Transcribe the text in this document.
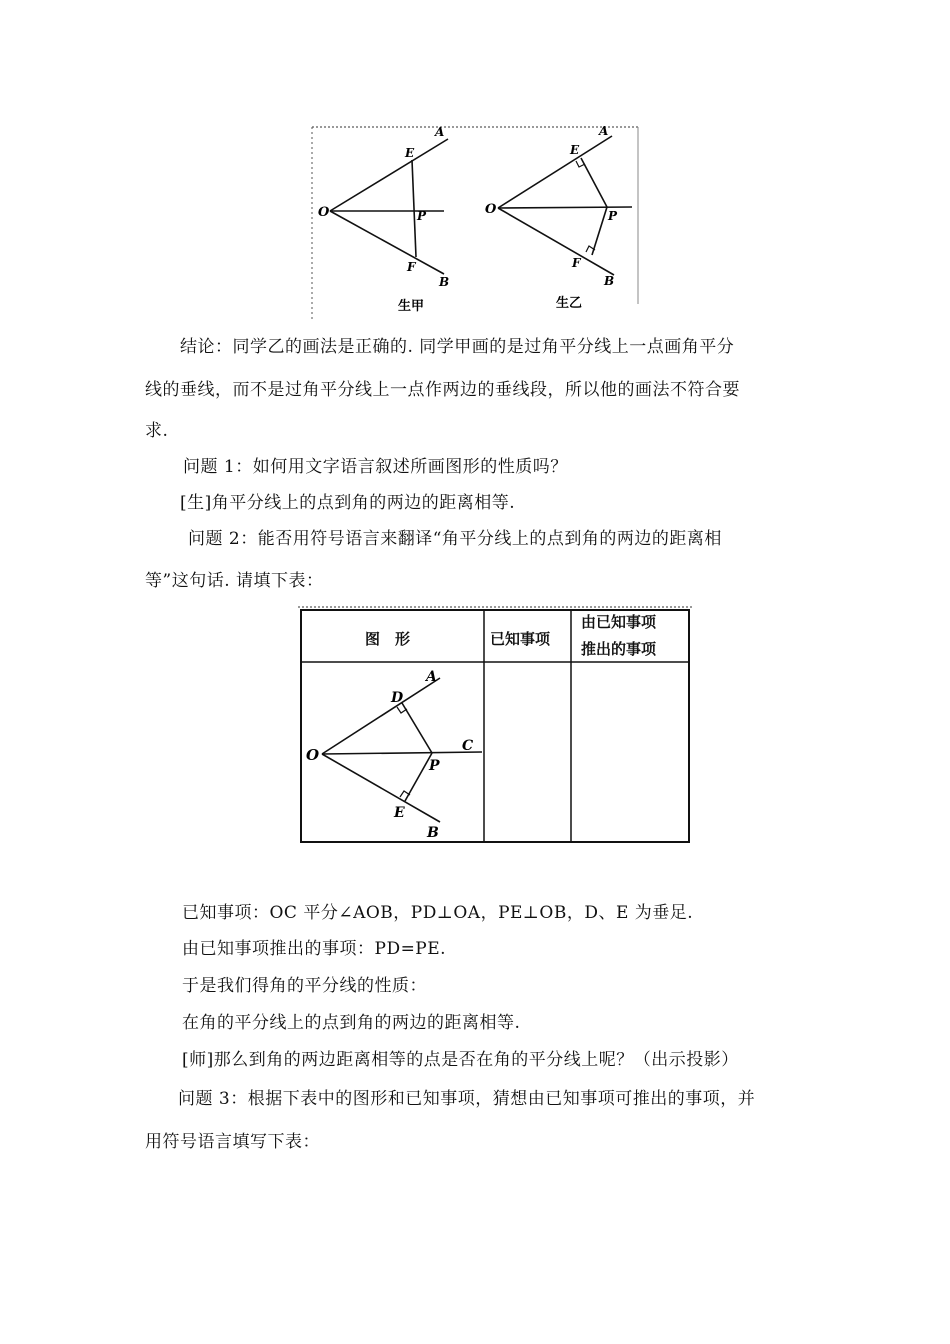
O
A
E
P
F
B
生甲
O
A
E
P
F
B
生乙
结论：同学乙的画法是正确的. 同学甲画的是过角平分线上一点画角平分
线的垂线，而不是过角平分线上一点作两边的垂线段，所以他的画法不符合要
求.
问题 1：如何用文字语言叙述所画图形的性质吗？
[生]角平分线上的点到角的两边的距离相等.
问题 2：能否用符号语言来翻译“角平分线上的点到角的两边的距离相
等”这句话. 请填下表：
图　形	已知事项
由已知事项
推出的事项
O
A
D
C
P
E
B
已知事项：OC 平分∠AOB，PD⊥OA，PE⊥OB，D、E 为垂足.
由已知事项推出的事项：PD=PE.
于是我们得角的平分线的性质：
在角的平分线上的点到角的两边的距离相等.
[师]那么到角的两边距离相等的点是否在角的平分线上呢？（出示投影）
问题 3：根据下表中的图形和已知事项，猜想由已知事项可推出的事项，并
用符号语言填写下表：
